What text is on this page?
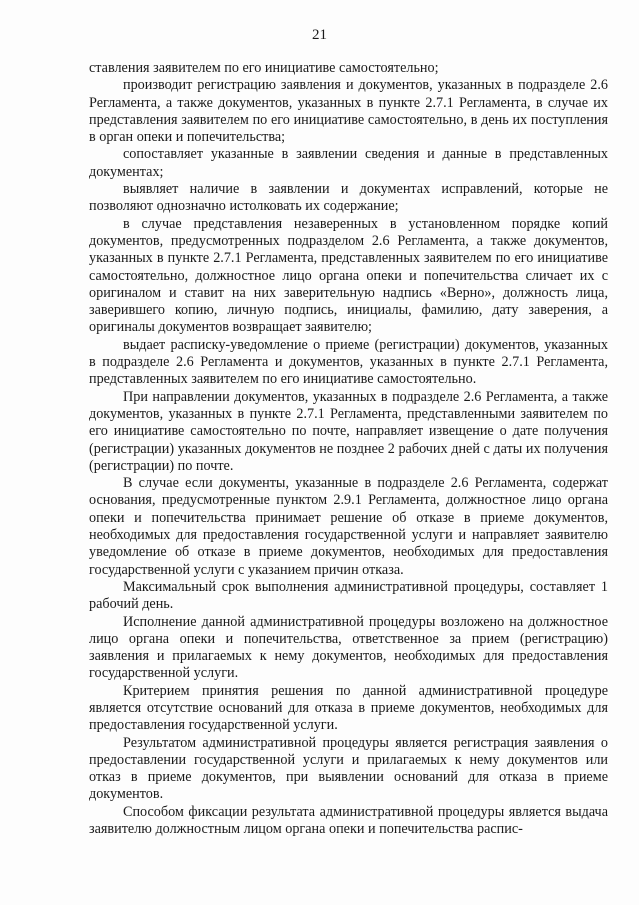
21

ставления заявителем по его инициативе самостоятельно;

производит регистрацию заявления и документов, указанных в подразделе 2.6 Регламента, а также документов, указанных в пункте 2.7.1 Регламента, в случае их представления заявителем по его инициативе самостоятельно, в день их поступления в орган опеки и попечительства;

сопоставляет указанные в заявлении сведения и данные в представленных документах;

выявляет наличие в заявлении и документах исправлений, которые не позволяют однозначно истолковать их содержание;

в случае представления незаверенных в установленном порядке копий документов, предусмотренных подразделом 2.6 Регламента, а также документов, указанных в пункте 2.7.1 Регламента, представленных заявителем по его инициативе самостоятельно, должностное лицо органа опеки и попечительства сличает их с оригиналом и ставит на них заверительную надпись «Верно», должность лица, заверившего копию, личную подпись, инициалы, фамилию, дату заверения, а оригиналы документов возвращает заявителю;

выдает расписку-уведомление о приеме (регистрации) документов, указанных в подразделе 2.6 Регламента и документов, указанных в пункте 2.7.1 Регламента, представленных заявителем по его инициативе самостоятельно.

При направлении документов, указанных в подразделе 2.6 Регламента, а также документов, указанных в пункте 2.7.1 Регламента, представленными заявителем по его инициативе самостоятельно по почте, направляет извещение о дате получения (регистрации) указанных документов не позднее 2 рабочих дней с даты их получения (регистрации) по почте.

В случае если документы, указанные в подразделе 2.6 Регламента, содержат основания, предусмотренные пунктом 2.9.1 Регламента, должностное лицо органа опеки и попечительства принимает решение об отказе в приеме документов, необходимых для предоставления государственной услуги и направляет заявителю уведомление об отказе в приеме документов, необходимых для предоставления государственной услуги с указанием причин отказа.

Максимальный срок выполнения административной процедуры, составляет 1 рабочий день.

Исполнение данной административной процедуры возложено на должностное лицо органа опеки и попечительства, ответственное за прием (регистрацию) заявления и прилагаемых к нему документов, необходимых для предоставления государственной услуги.

Критерием принятия решения по данной административной процедуре является отсутствие оснований для отказа в приеме документов, необходимых для предоставления государственной услуги.

Результатом административной процедуры является регистрация заявления о предоставлении государственной услуги и прилагаемых к нему документов или отказ в приеме документов, при выявлении оснований для отказа в приеме документов.

Способом фиксации результата административной процедуры является выдача заявителю должностным лицом органа опеки и попечительства распис-
